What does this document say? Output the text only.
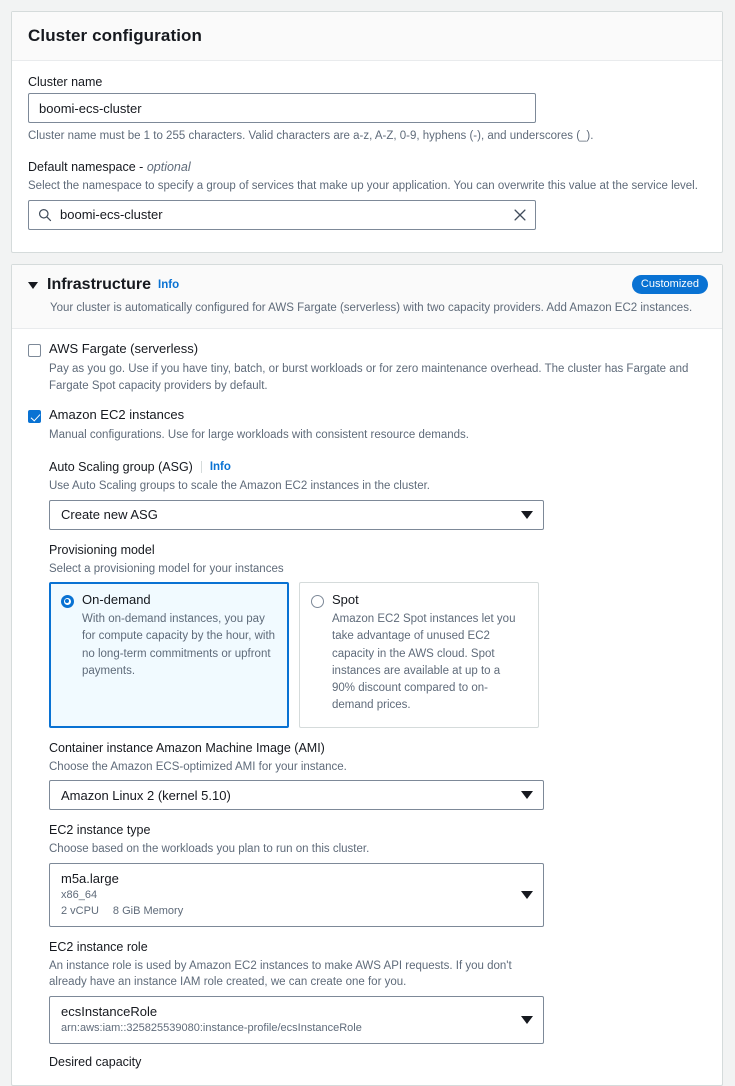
Cluster configuration
Cluster name
boomi-ecs-cluster
Cluster name must be 1 to 255 characters. Valid characters are a-z, A-Z, 0-9, hyphens (-), and underscores (_).
Default namespace - optional
Select the namespace to specify a group of services that make up your application. You can overwrite this value at the service level.
boomi-ecs-cluster
Infrastructure Info
Your cluster is automatically configured for AWS Fargate (serverless) with two capacity providers. Add Amazon EC2 instances.
Customized
AWS Fargate (serverless)
Pay as you go. Use if you have tiny, batch, or burst workloads or for zero maintenance overhead. The cluster has Fargate and Fargate Spot capacity providers by default.
Amazon EC2 instances
Manual configurations. Use for large workloads with consistent resource demands.
Auto Scaling group (ASG) Info
Use Auto Scaling groups to scale the Amazon EC2 instances in the cluster.
Create new ASG
Provisioning model
Select a provisioning model for your instances
On-demand
With on-demand instances, you pay for compute capacity by the hour, with no long-term commitments or upfront payments.
Spot
Amazon EC2 Spot instances let you take advantage of unused EC2 capacity in the AWS cloud. Spot instances are available at up to a 90% discount compared to on-demand prices.
Container instance Amazon Machine Image (AMI)
Choose the Amazon ECS-optimized AMI for your instance.
Amazon Linux 2 (kernel 5.10)
EC2 instance type
Choose based on the workloads you plan to run on this cluster.
m5a.large
x86_64
2 vCPU 8 GiB Memory
EC2 instance role
An instance role is used by Amazon EC2 instances to make AWS API requests. If you don't already have an instance IAM role created, we can create one for you.
ecsInstanceRole
arn:aws:iam::325825539080:instance-profile/ecsInstanceRole
Desired capacity
